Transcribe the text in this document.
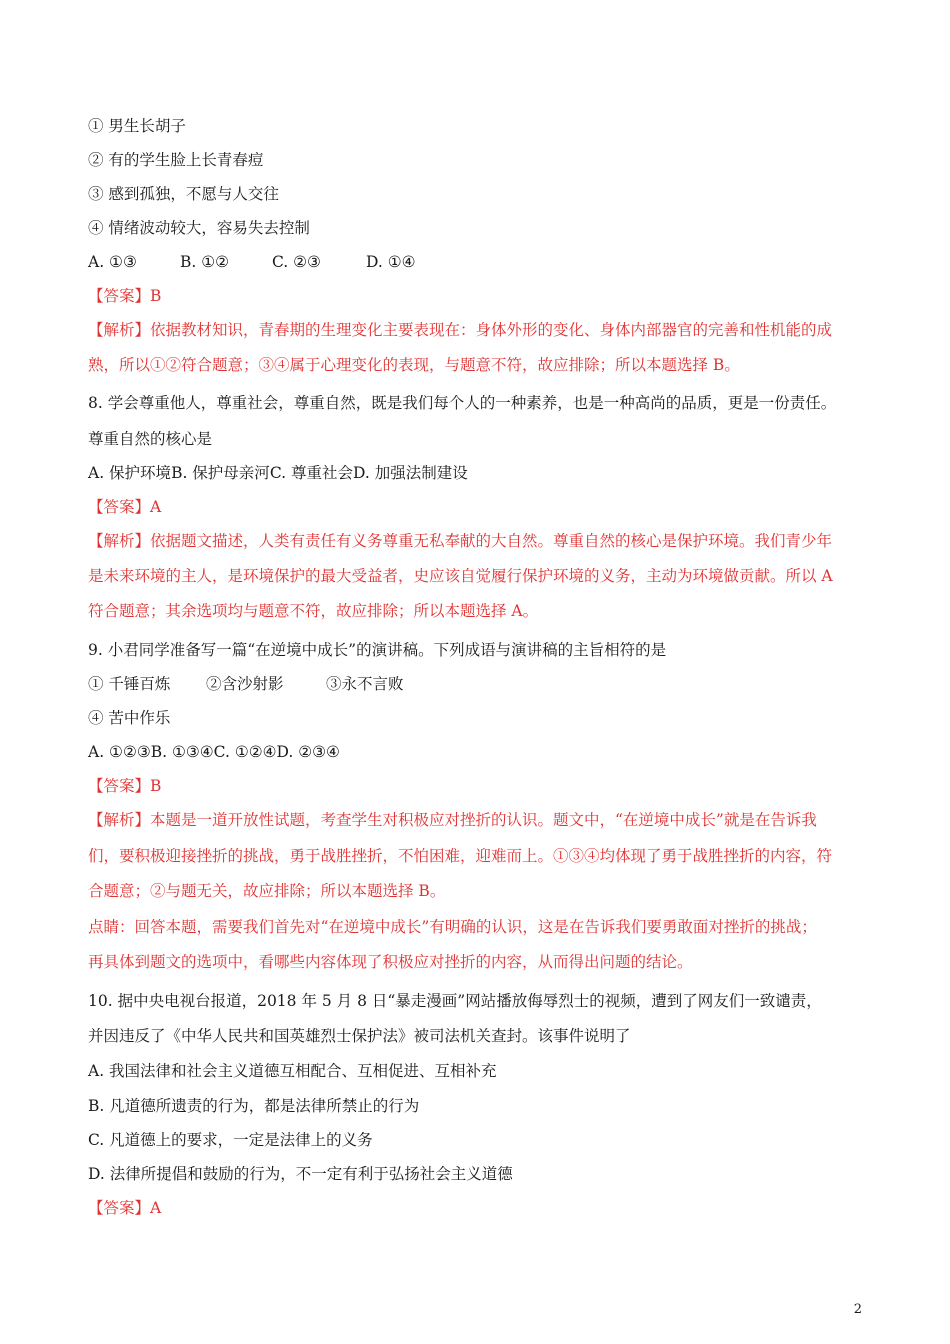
① 男生长胡子
② 有的学生脸上长青春痘
③ 感到孤独，不愿与人交往
④ 情绪波动较大，容易失去控制
A. ①③	B. ①②	C. ②③	D. ①④
【答案】B
【解析】依据教材知识，青春期的生理变化主要表现在：身体外形的变化、身体内部器官的完善和性机能的成
熟，所以①②符合题意；③④属于心理变化的表现，与题意不符，故应排除；所以本题选择 B。
8. 学会尊重他人，尊重社会，尊重自然，既是我们每个人的一种素养，也是一种高尚的品质，更是一份责任。
尊重自然的核心是
A. 保护环境B. 保护母亲河C. 尊重社会D. 加强法制建设
【答案】A
【解析】依据题文描述，人类有责任有义务尊重无私奉献的大自然。尊重自然的核心是保护环境。我们青少年
是未来环境的主人，是环境保护的最大受益者，史应该自觉履行保护环境的义务，主动为环境做贡献。所以 A
符合题意；其余选项均与题意不符，故应排除；所以本题选择 A。
9. 小君同学准备写一篇“在逆境中成长”的演讲稿。下列成语与演讲稿的主旨相符的是
① 千锤百炼 ②含沙射影	③永不言败
④ 苦中作乐
A. ①②③B. ①③④C. ①②④D. ②③④
【答案】B
【解析】本题是一道开放性试题，考查学生对积极应对挫折的认识。题文中，“在逆境中成长”就是在告诉我
们，要积极迎接挫折的挑战，勇于战胜挫折，不怕困难，迎难而上。①③④均体现了勇于战胜挫折的内容，符
合题意；②与题无关，故应排除；所以本题选择 B。
点睛：回答本题，需要我们首先对“在逆境中成长”有明确的认识，这是在告诉我们要勇敢面对挫折的挑战；
再具体到题文的选项中，看哪些内容体现了积极应对挫折的内容，从而得出问题的结论。
10. 据中央电视台报道，2018 年 5 月 8 日“暴走漫画”网站播放侮辱烈士的视频，遭到了网友们一致谴责，
并因违反了《中华人民共和国英雄烈士保护法》被司法机关查封。该事件说明了
A. 我国法律和社会主义道德互相配合、互相促进、互相补充
B. 凡道德所遗责的行为，都是法律所禁止的行为
C. 凡道德上的要求，一定是法律上的义务
D. 法律所提倡和鼓励的行为，不一定有利于弘扬社会主义道德
【答案】A
2
